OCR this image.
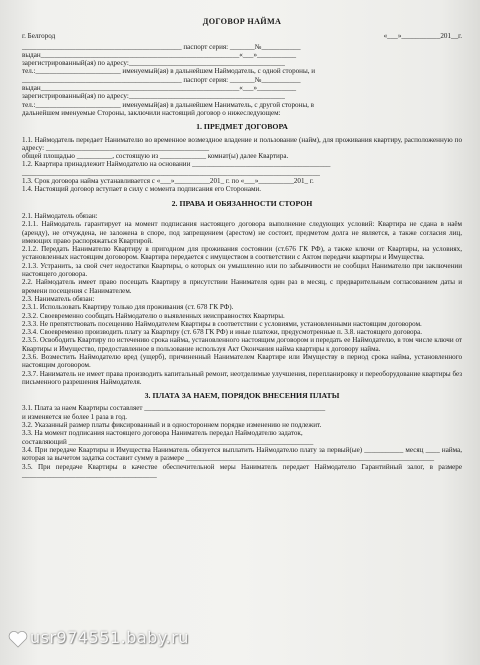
ДОГОВОР НАЙМА
г. Белгород	«___»___________201__г.

_____________________________________________ паспорт серия: _______№___________

выдан________________________________________________________«___»___________

зарегистрированный(ая) по адресу:____________________________________________

тел.:________________________ именуемый(ая) в дальнейшем Наймодатель, с одной стороны, и

_____________________________________________ паспорт серия: _______№___________

выдан________________________________________________________«___»___________

зарегистрированный(ая) по адресу:____________________________________________

тел.:________________________ именуемый(ая) в дальнейшем Наниматель, с другой стороны, в

дальнейшем именуемые Стороны, заключили настоящий договор о нижеследующем:

1. ПРЕДМЕТ ДОГОВОРА

1.1. Наймодатель передает Нанимателю во временное возмездное владение и пользование (найм), для проживания квартиру, расположенную по адресу: ______________________________________________

общей площадью __________, состоящую из _____________ комнат(ы) далее Квартира.

1.2. Квартира принадлежит Наймодателю на основании _______________________________________

____________________________________________________________________________________

1.3. Срок договора найма устанавливается с «___»__________201_ г. по «___»__________201_ г.

1.4. Настоящий договор вступает в силу с момента подписания его Сторонами.

2. ПРАВА И ОБЯЗАННОСТИ СТОРОН

2.1. Наймодатель обязан:

2.1.1. Наймодатель гарантирует на момент подписания настоящего договора выполнение следующих условий: Квартира не сдана в наём (аренду), не отчуждена, не заложена в споре, под запрещением (арестом) не состоит, предметом долга не является, а также согласия лиц, имеющих право распоряжаться Квартирой.

2.1.2. Передать Нанимателю Квартиру в пригодном для проживания состоянии (ст.676 ГК РФ), а также ключи от Квартиры, на условиях, установленных настоящим договором. Квартира передается с имуществом в соответствии с Актом передачи квартиры и Имущества.

2.1.3. Устранить, за свой счет недостатки Квартиры, о которых он умышленно или по забывчивости не сообщил Нанимателю при заключении настоящего договора.

2.2. Наймодатель имеет право посещать Квартиру в присутствии Нанимателя один раз в месяц, с предварительным согласованием даты и времени посещения с Нанимателем.

2.3. Наниматель обязан:

2.3.1. Использовать Квартиру только для проживания (ст. 678 ГК РФ).

2.3.2. Своевременно сообщать Наймодателю о выявленных неисправностях Квартиры.

2.3.3. Не препятствовать посещению Наймодателем Квартиры в соответствии с условиями, установленными настоящим договором.

2.3.4. Своевременно производить плату за Квартиру (ст. 678 ГК РФ) и иные платежи, предусмотренные п. 3.8. настоящего договора.

2.3.5. Освободить Квартиру по истечению срока найма, установленного настоящим договором и передать ее Наймодателю, в том числе ключи от Квартиры и Имущество, предоставленное в пользование используя Акт Окончания найма квартиры к договору найма.

2.3.6. Возместить Наймодателю вред (ущерб), причиненный Нанимателем Квартире или Имуществу в период срока найма, установленного настоящим договором.

2.3.7. Наниматель не имеет права производить капитальный ремонт, неотделимые улучшения, перепланировку и переоборудование квартиры без письменного разрешения Наймодателя.

3. ПЛАТА ЗА НАЕМ, ПОРЯДОК ВНЕСЕНИЯ ПЛАТЫ

3.1. Плата за наем Квартиры составляет ___________________________________________________

и изменяется не более 1 раза в год.

3.2. Указанный размер платы фиксированный и в одностороннем порядке изменению не подлежит.

3.3. На момент подписания настоящего договора Наниматель передал Наймодателю задаток,

составляющий _____________________________________________________________________

3.4. При передаче Квартиры и Имущества Наниматель обязуется выплатить Наймодателю плату за первый(ые) ___________ месяц ____ найма, которая за вычетом задатка составит сумму в размере ______________________________________________________________________

3.5. При передаче Квартиры в качестве обеспечительной меры Наниматель передает Наймодателю Гарантийный залог, в размере ______________________________________

usr974551.baby.ru
